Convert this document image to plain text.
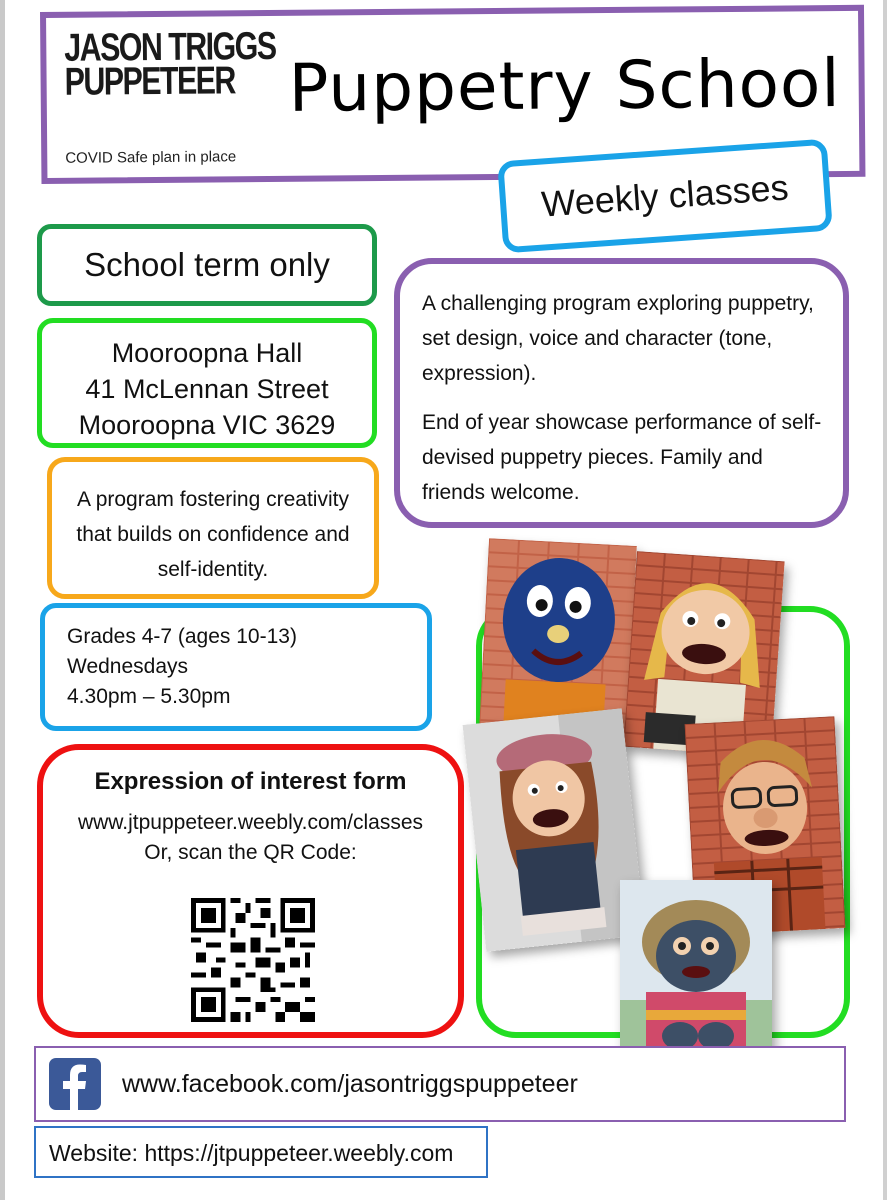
JASON TRIGGS
PUPPETEER Puppetry School
COVID Safe plan in place
Weekly classes
School term only
Mooroopna Hall
41 McLennan Street
Mooroopna VIC 3629
A program fostering creativity that builds on confidence and self-identity.
Grades 4-7 (ages 10-13)
Wednesdays
4.30pm – 5.30pm

A challenging program exploring puppetry, set design, voice and character (tone, expression).

End of year showcase performance of self-devised puppetry pieces. Family and friends welcome.

Expression of interest form
www.jtpuppeteer.weebly.com/classes
Or, scan the QR Code:
www.facebook.com/jasontriggspuppeteer
Website: https://jtpuppeteer.weebly.com
